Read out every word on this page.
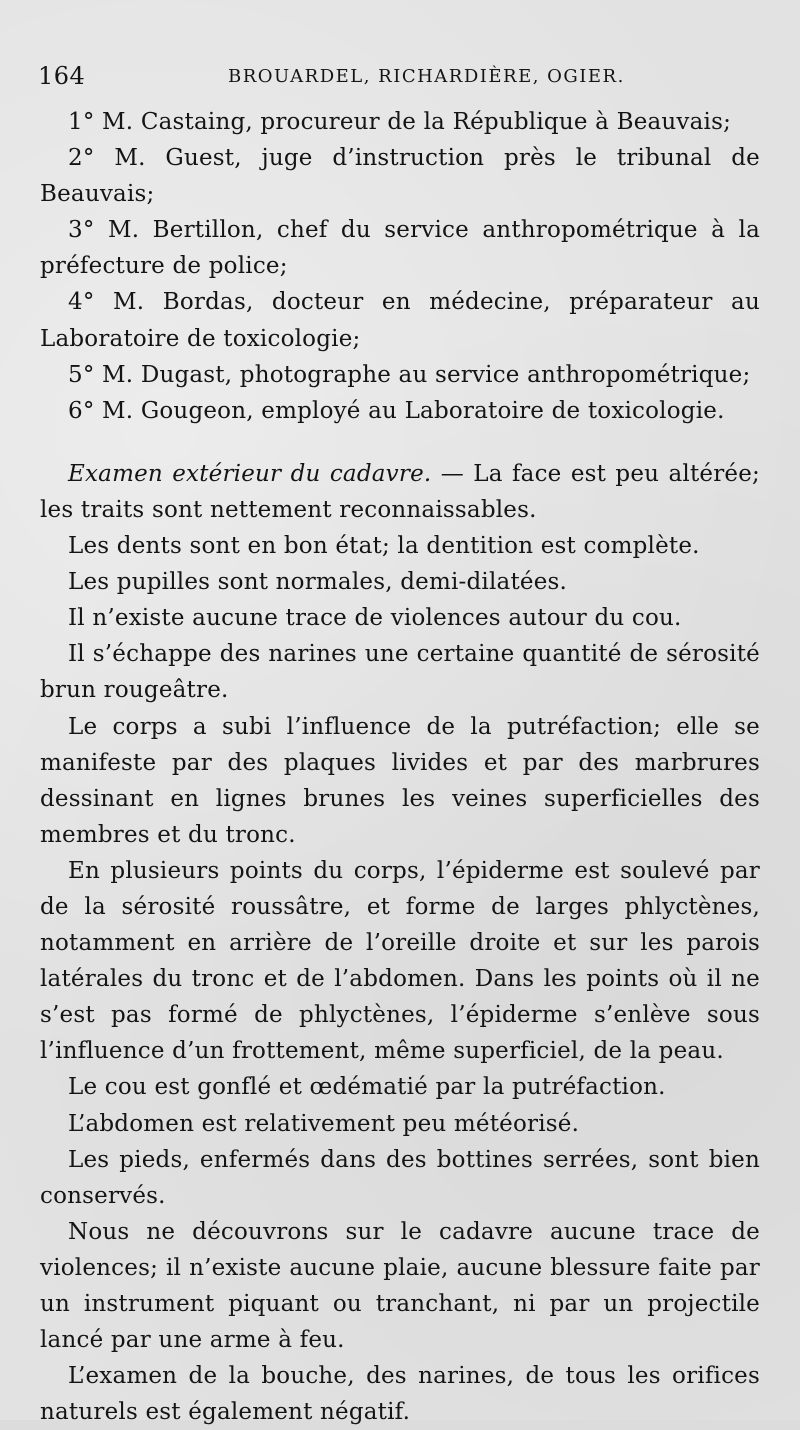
164	BROUARDEL, RICHARDIÈRE, OGIER.

1° M. Castaing, procureur de la République à Beauvais;

2° M. Guest, juge d’instruction près le tribunal de Beauvais;

3° M. Bertillon, chef du service anthropométrique à la préfecture de police;

4° M. Bordas, docteur en médecine, préparateur au Laboratoire de toxicologie;

5° M. Dugast, photographe au service anthropométrique;

6° M. Gougeon, employé au Laboratoire de toxicologie.

Examen extérieur du cadavre. — La face est peu altérée; les traits sont nettement reconnaissables.

Les dents sont en bon état; la dentition est complète.

Les pupilles sont normales, demi-dilatées.

Il n’existe aucune trace de violences autour du cou.

Il s’échappe des narines une certaine quantité de sérosité brun rougeâtre.

Le corps a subi l’influence de la putréfaction; elle se manifeste par des plaques livides et par des marbrures dessinant en lignes brunes les veines superficielles des membres et du tronc.

En plusieurs points du corps, l’épiderme est soulevé par de la sérosité roussâtre, et forme de larges phlyctènes, notamment en arrière de l’oreille droite et sur les parois latérales du tronc et de l’abdomen. Dans les points où il ne s’est pas formé de phlyctènes, l’épiderme s’enlève sous l’influence d’un frottement, même superficiel, de la peau.

Le cou est gonflé et œdématié par la putréfaction.

L’abdomen est relativement peu météorisé.

Les pieds, enfermés dans des bottines serrées, sont bien conservés.

Nous ne découvrons sur le cadavre aucune trace de violences; il n’existe aucune plaie, aucune blessure faite par un instrument piquant ou tranchant, ni par un projectile lancé par une arme à feu.

L’examen de la bouche, des narines, de tous les orifices naturels est également négatif.
